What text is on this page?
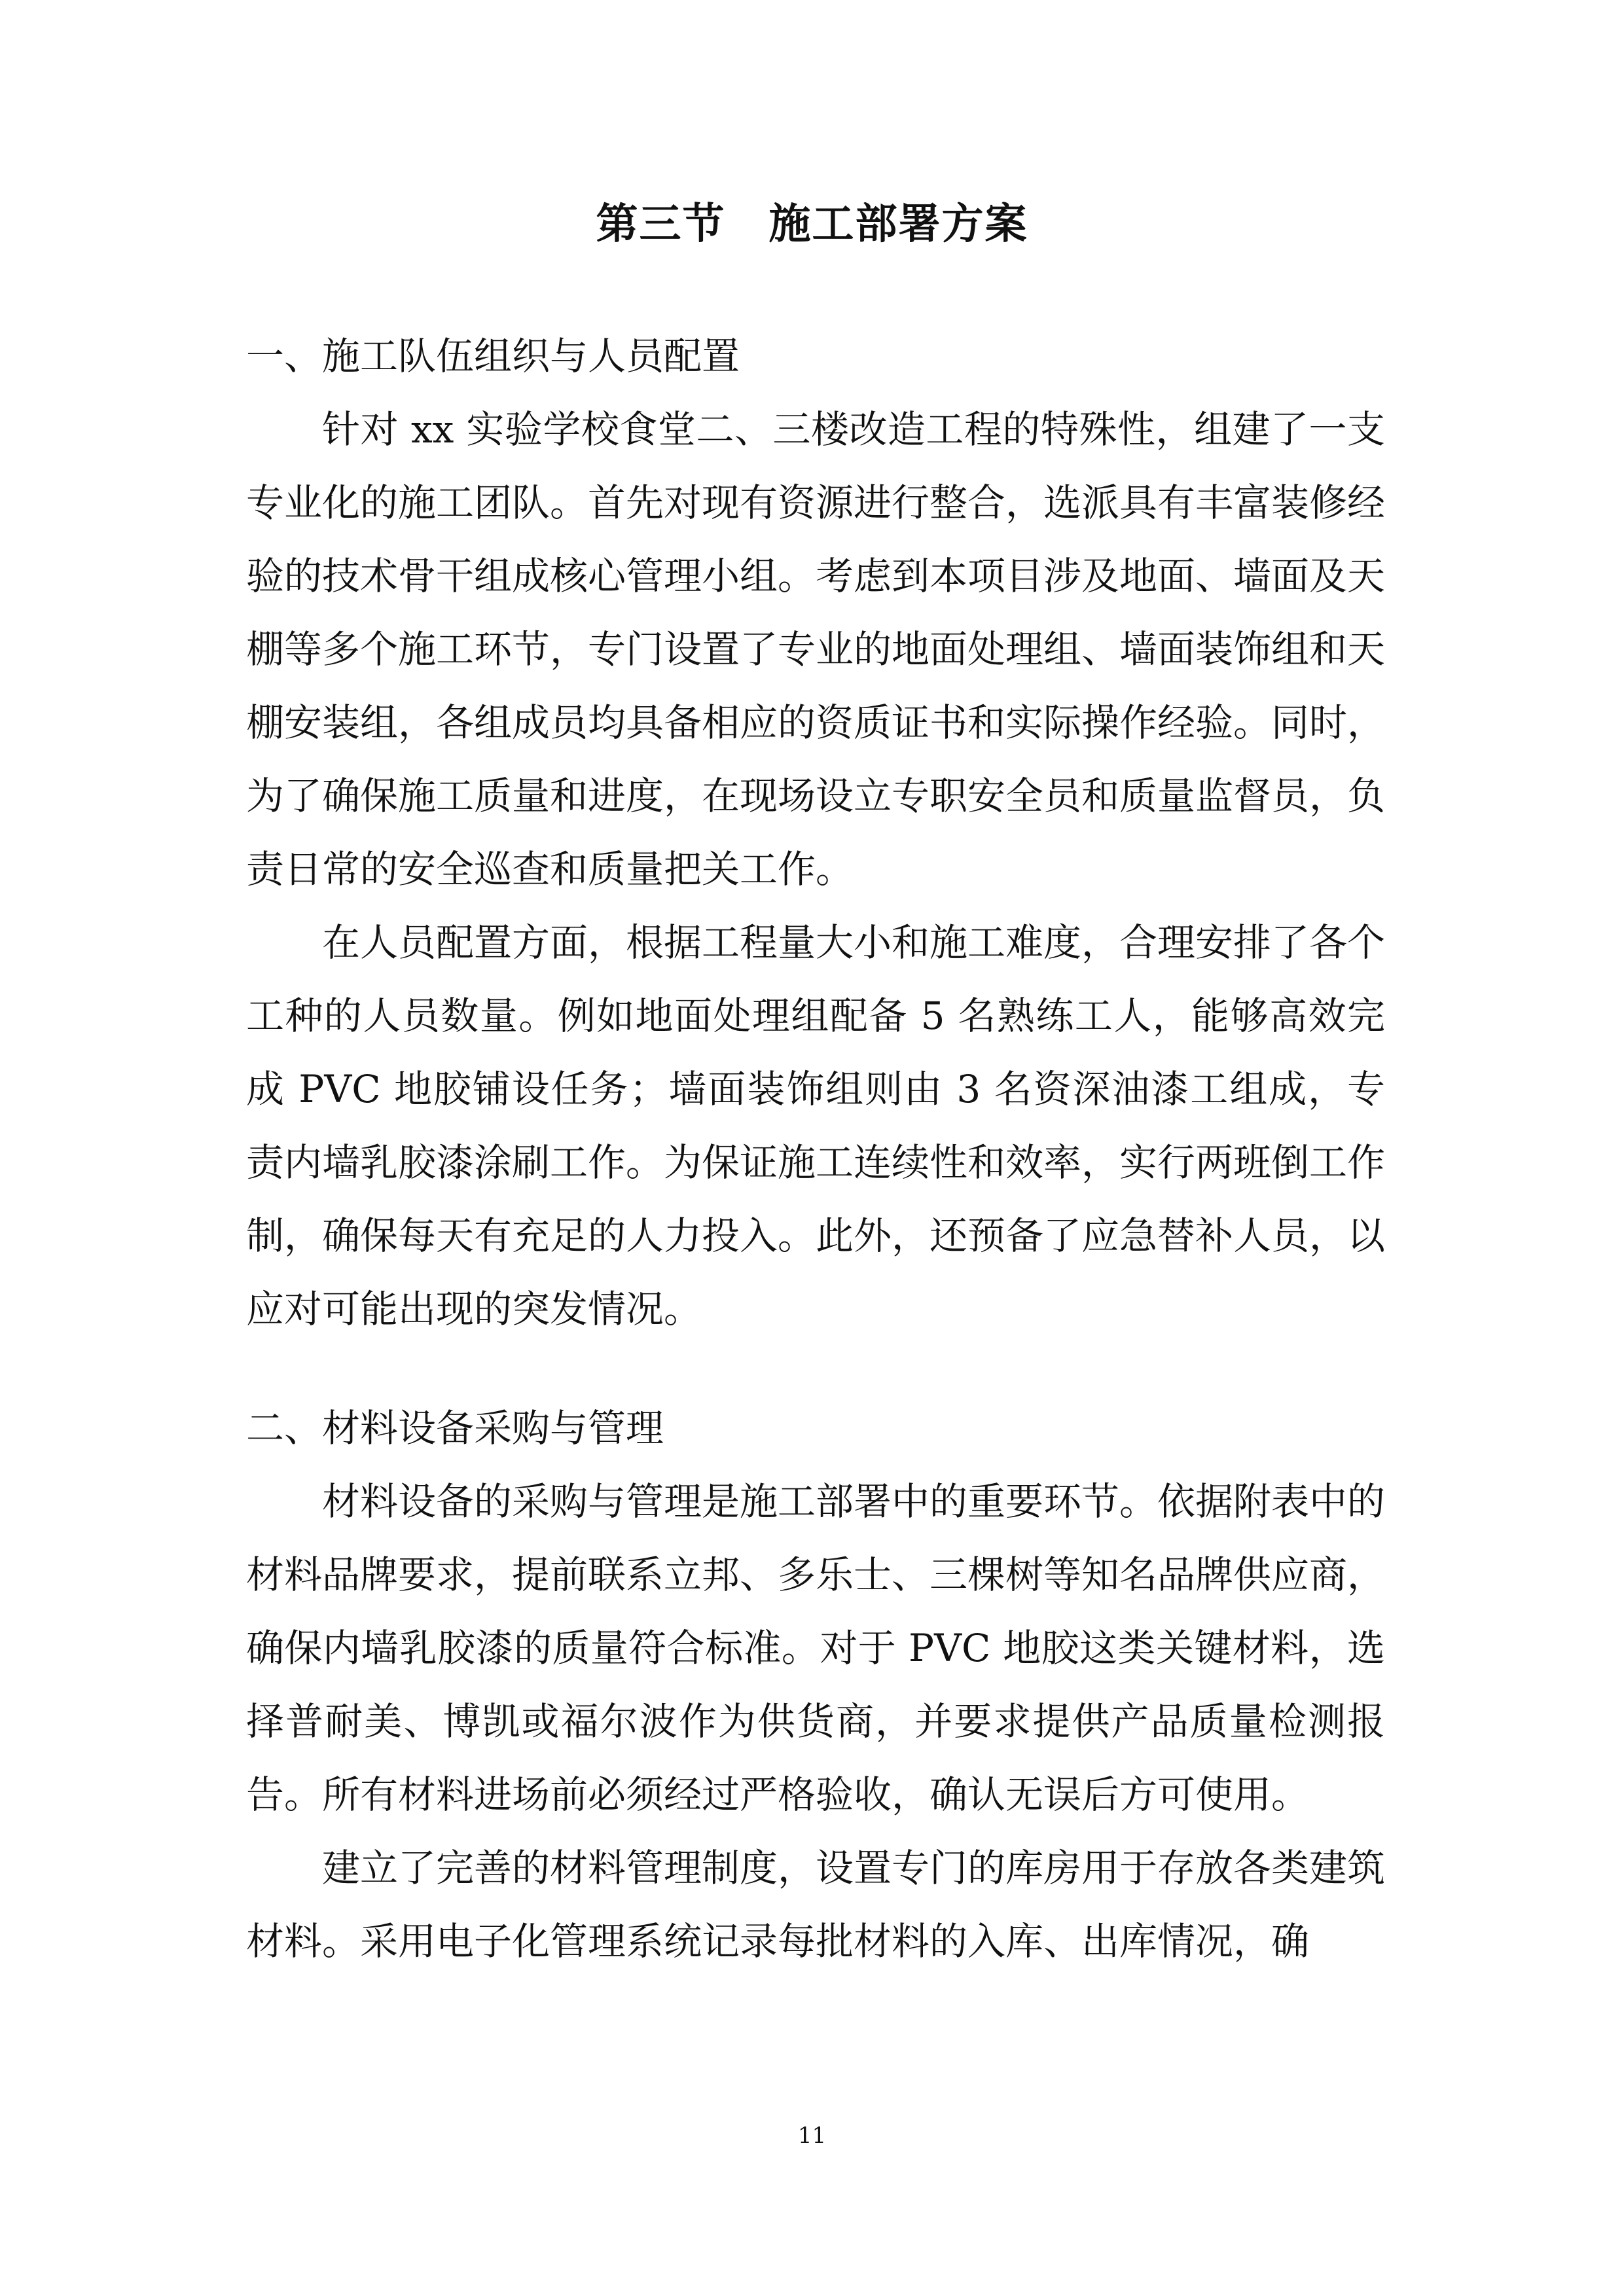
第三节　施工部署方案
一、施工队伍组织与人员配置

针对 xx 实验学校食堂二、三楼改造工程的特殊性，组建了一支专业化的施工团队。首先对现有资源进行整合，选派具有丰富装修经验的技术骨干组成核心管理小组。考虑到本项目涉及地面、墙面及天棚等多个施工环节，专门设置了专业的地面处理组、墙面装饰组和天棚安装组，各组成员均具备相应的资质证书和实际操作经验。同时，为了确保施工质量和进度，在现场设立专职安全员和质量监督员，负责日常的安全巡查和质量把关工作。

在人员配置方面，根据工程量大小和施工难度，合理安排了各个工种的人员数量。例如地面处理组配备 5 名熟练工人，能够高效完成 PVC 地胶铺设任务；墙面装饰组则由 3 名资深油漆工组成，专责内墙乳胶漆涂刷工作。为保证施工连续性和效率，实行两班倒工作制，确保每天有充足的人力投入。此外，还预备了应急替补人员，以应对可能出现的突发情况。

二、材料设备采购与管理

材料设备的采购与管理是施工部署中的重要环节。依据附表中的材料品牌要求，提前联系立邦、多乐士、三棵树等知名品牌供应商，确保内墙乳胶漆的质量符合标准。对于 PVC 地胶这类关键材料，选择普耐美、博凯或福尔波作为供货商，并要求提供产品质量检测报告。所有材料进场前必须经过严格验收，确认无误后方可使用。

建立了完善的材料管理制度，设置专门的库房用于存放各类建筑材料。采用电子化管理系统记录每批材料的入库、出库情况，确

11
